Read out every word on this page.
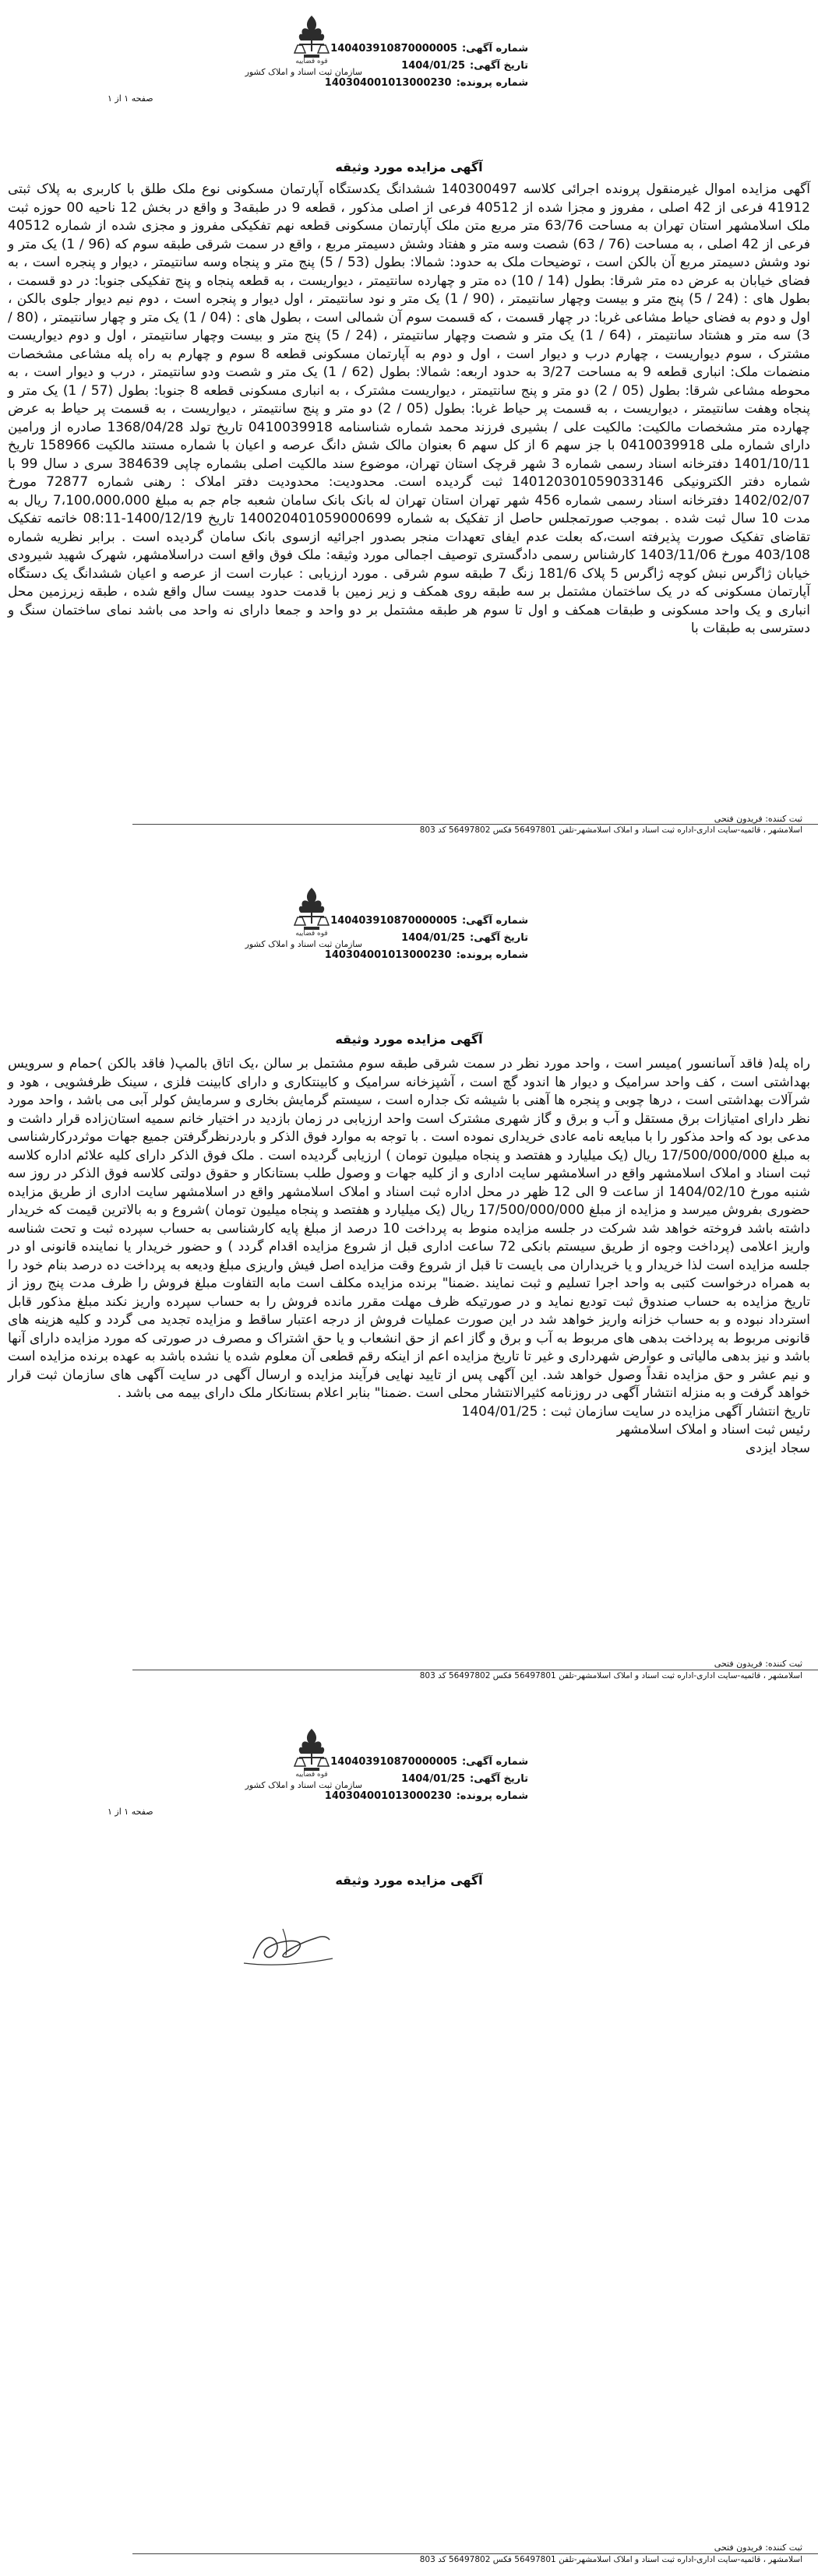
قوه قضاییه
سازمان ثبت اسناد و املاک کشور
شماره آگهی:140403910870000005
تاریخ آگهی:1404/01/25
شماره پرونده:140304001013000230
صفحه ۱ از ۱
آگهی مزایده مورد وثیقه
آگهی مزایده اموال غیرمنقول پرونده اجرائی کلاسه 140300497 ششدانگ یکدستگاه آپارتمان مسکونی نوع ملک طلق با کاربری به پلاک ثبتی 41912 فرعی از 42 اصلی ، مفروز و مجزا شده از 40512 فرعی از اصلی مذکور ، قطعه 9 در طبقه3 و واقع در بخش 12 ناحیه 00 حوزه ثبت ملک اسلامشهر استان تهران به مساحت 63/76 متر مربع متن ملک آپارتمان مسکونی قطعه نهم تفکیکی مفروز و مجزی شده از شماره 40512 فرعی از 42 اصلی ، به مساحت (76 / 63) شصت وسه متر و هفتاد وشش دسیمتر مربع ، واقع در سمت شرقی طبقه سوم که (96 / 1) یک متر و نود وشش دسیمتر مربع آن بالکن است ، توضیحات ملک به حدود: شمالا: بطول (53 / 5) پنج متر و پنجاه وسه سانتیمتر ، دیوار و پنجره است ، به فضای خیابان به عرض ده متر شرقا: بطول (14 / 10) ده متر و چهارده سانتیمتر ، دیواریست ، به قطعه پنجاه و پنج تفکیکی جنوبا: در دو قسمت ، بطول های : (24 / 5) پنج متر و بیست وچهار سانتیمتر ، (90 / 1) یک متر و نود سانتیمتر ، اول دیوار و پنجره است ، دوم نیم دیوار جلوی بالکن ، اول و دوم به فضای حیاط مشاعی غربا: در چهار قسمت ، که قسمت سوم آن شمالی است ، بطول های : (04 / 1) یک متر و چهار سانتیمتر ، (80 / 3) سه متر و هشتاد سانتیمتر ، (64 / 1) یک متر و شصت وچهار سانتیمتر ، (24 / 5) پنج متر و بیست وچهار سانتیمتر ، اول و دوم دیواریست مشترک ، سوم دیواریست ، چهارم درب و دیوار است ، اول و دوم به آپارتمان مسکونی قطعه 8 سوم و چهارم به راه پله مشاعی مشخصات منضمات ملک: انباری قطعه 9 به مساحت 3/27 به حدود اربعه: شمالا: بطول (62 / 1) یک متر و شصت ودو سانتیمتر ، درب و دیوار است ، به محوطه مشاعی شرقا: بطول (05 / 2) دو متر و پنج سانتیمتر ، دیواریست مشترک ، به انباری مسکونی قطعه 8 جنوبا: بطول (57 / 1) یک متر و پنجاه وهفت سانتیمتر ، دیواریست ، به قسمت پر حیاط غربا: بطول (05 / 2) دو متر و پنج سانتیمتر ، دیواریست ، به قسمت پر حیاط به عرض چهارده متر مشخصات مالکیت: مالکیت علی / بشیری فرزند محمد شماره شناسنامه 0410039918 تاریخ تولد 1368/04/28 صادره از ورامین دارای شماره ملی 0410039918 با جز سهم 6 از کل سهم 6 بعنوان مالک شش دانگ عرصه و اعیان با شماره مستند مالکیت 158966 تاریخ 1401/10/11 دفترخانه اسناد رسمی شماره 3 شهر قرچک استان تهران، موضوع سند مالکیت اصلی بشماره چاپی 384639 سری د سال 99 با شماره دفتر الکترونیکی 140120301059033146 ثبت گردیده است. محدودیت: محدودیت دفتر املاک : رهنی شماره 72877 مورخ 1402/02/07 دفترخانه اسناد رسمی شماره 456 شهر تهران استان تهران له بانک بانک سامان شعبه جام جم به مبلغ 7،100،000،000 ریال به مدت 10 سال ثبت شده . بموجب صورتمجلس حاصل از تفکیک به شماره 140020401059000699 تاریخ 1400/12/19-08:11 خاتمه تفکیک تقاضای تفکیک صورت پذیرفته است،که بعلت عدم ایفای تعهدات منجر بصدور اجرائیه ازسوی بانک سامان گردیده است . برابر نظریه شماره 403/108 مورخ 1403/11/06 کارشناس رسمی دادگستری توصیف اجمالی مورد وثیقه: ملک فوق واقع است دراسلامشهر، شهرک شهید شیرودی خیابان ژاگرس نبش کوچه ژاگرس 5 پلاک 181/6 زنگ 7 طبقه سوم شرقی . مورد ارزیابی : عبارت است از عرصه و اعیان ششدانگ یک دستگاه آپارتمان مسکونی که در یک ساختمان مشتمل بر سه طبقه روی همکف و زیر زمین با قدمت حدود بیست سال واقع شده ، طبقه زیرزمین محل انباری و یک واحد مسکونی و طبقات همکف و اول تا سوم هر طبقه مشتمل بر دو واحد و جمعا دارای نه واحد می باشد نمای ساختمان سنگ و دسترسی به طبقات با
ثبت کننده: فریدون فتحی
اسلامشهر ، قائمیه-سایت اداری-اداره ثبت اسناد و املاک اسلامشهر-تلفن 56497801 فکس 56497802 کد 803
قوه قضاییه
سازمان ثبت اسناد و املاک کشور
شماره آگهی:140403910870000005
تاریخ آگهی:1404/01/25
شماره پرونده:140304001013000230
آگهی مزایده مورد وثیقه
راه پله( فاقد آسانسور )میسر است ، واحد مورد نظر در سمت شرقی طبقه سوم مشتمل بر سالن ،یک اتاق بالمپ( فاقد بالکن )حمام و سرویس بهداشتی است ، کف واحد سرامیک و دیوار ها اندود گچ است ، آشپزخانه سرامیک و کابینتکاری و دارای کابینت فلزی ، سینک ظرفشویی ، هود و شرآلات بهداشتی است ، درها چوبی و پنجره ها آهنی با شیشه تک جداره است ، سیستم گرمایش بخاری و سرمایش کولر آبی می باشد ، واحد مورد نظر دارای امتیازات برق مستقل و آب و برق و گاز شهری مشترک است واحد ارزیابی در زمان بازدید در اختیار خانم سمیه استان‌زاده قرار داشت و مدعی بود که واحد مذکور را با مبایعه نامه عادی خریداری نموده است . با توجه به موارد فوق الذکر و باردرنظرگرفتن جمیع جهات موثردرکارشناسی به مبلغ 17/500/000/000 ریال (یک میلیارد و هفتصد و پنجاه میلیون تومان ) ارزیابی گردیده است . ملک فوق الذکر دارای کلیه علائم اداره کلاسه ثبت اسناد و املاک اسلامشهر واقع در اسلامشهر سایت اداری و از کلیه جهات و وصول طلب بستانکار و حقوق دولتی کلاسه فوق الذکر در روز سه شنبه مورخ 1404/02/10 از ساعت 9 الی 12 ظهر در محل اداره ثبت اسناد و املاک اسلامشهر واقع در اسلامشهر سایت اداری از طریق مزایده حضوری بفروش میرسد و مزایده از مبلغ 17/500/000/000 ریال (یک میلیارد و هفتصد و پنجاه میلیون تومان )شروع و به بالاترین قیمت که خریدار داشته باشد فروخته خواهد شد شرکت در جلسه مزایده منوط به پرداخت 10 درصد از مبلغ پایه کارشناسی به حساب سپرده ثبت و تحت شناسه واریز اعلامی (پرداخت وجوه از طریق سیستم بانکی 72 ساعت اداری قبل از شروع مزایده اقدام گردد ) و حضور خریدار یا نماینده قانونی او در جلسه مزایده است لذا خریدار و یا خریداران می بایست تا قبل از شروع وقت مزایده اصل فیش واریزی مبلغ ودیعه به پرداخت ده درصد بنام خود را به همراه درخواست کتبی به واحد اجرا تسلیم و ثبت نمایند .ضمنا" برنده مزایده مکلف است مابه التفاوت مبلغ فروش را ظرف مدت پنج روز از تاریخ مزایده به حساب صندوق ثبت تودیع نماید و در صورتیکه ظرف مهلت مقرر مانده فروش را به حساب سپرده واریز نکند مبلغ مذکور قابل استرداد نبوده و به حساب خزانه واریز خواهد شد در این صورت عملیات فروش از درجه اعتبار ساقط و مزایده تجدید می گردد و کلیه هزینه های قانونی مربوط به پرداخت بدهی های مربوط به آب و برق و گاز اعم از حق انشعاب و یا حق اشتراک و مصرف در صورتی که مورد مزایده دارای آنها باشد و نیز بدهی مالیاتی و عوارض شهرداری و غیر تا تاریخ مزایده اعم از اینکه رقم قطعی آن معلوم شده یا نشده باشد به عهده برنده مزایده است و نیم عشر و حق مزایده نقداً وصول خواهد شد. این آگهی پس از تایید نهایی فرآیند مزایده و ارسال آگهی در سایت آگهی های سازمان ثبت قرار خواهد گرفت و به منزله انتشار آگهی در روزنامه کثیرالانتشار محلی است .ضمنا" بنابر اعلام بستانکار ملک دارای بیمه می باشد .
تاریخ انتشار آگهی مزایده در سایت سازمان ثبت : 1404/01/25
رئیس ثبت اسناد و املاک اسلامشهر
سجاد ایزدی
ثبت کننده: فریدون فتحی
اسلامشهر ، قائمیه-سایت اداری-اداره ثبت اسناد و املاک اسلامشهر-تلفن 56497801 فکس 56497802 کد 803
قوه قضاییه
سازمان ثبت اسناد و املاک کشور
شماره آگهی:140403910870000005
تاریخ آگهی:1404/01/25
شماره پرونده:140304001013000230
صفحه ۱ از ۱
آگهی مزایده مورد وثیقه
ثبت کننده: فریدون فتحی
اسلامشهر ، قائمیه-سایت اداری-اداره ثبت اسناد و املاک اسلامشهر-تلفن 56497801 فکس 56497802 کد 803
